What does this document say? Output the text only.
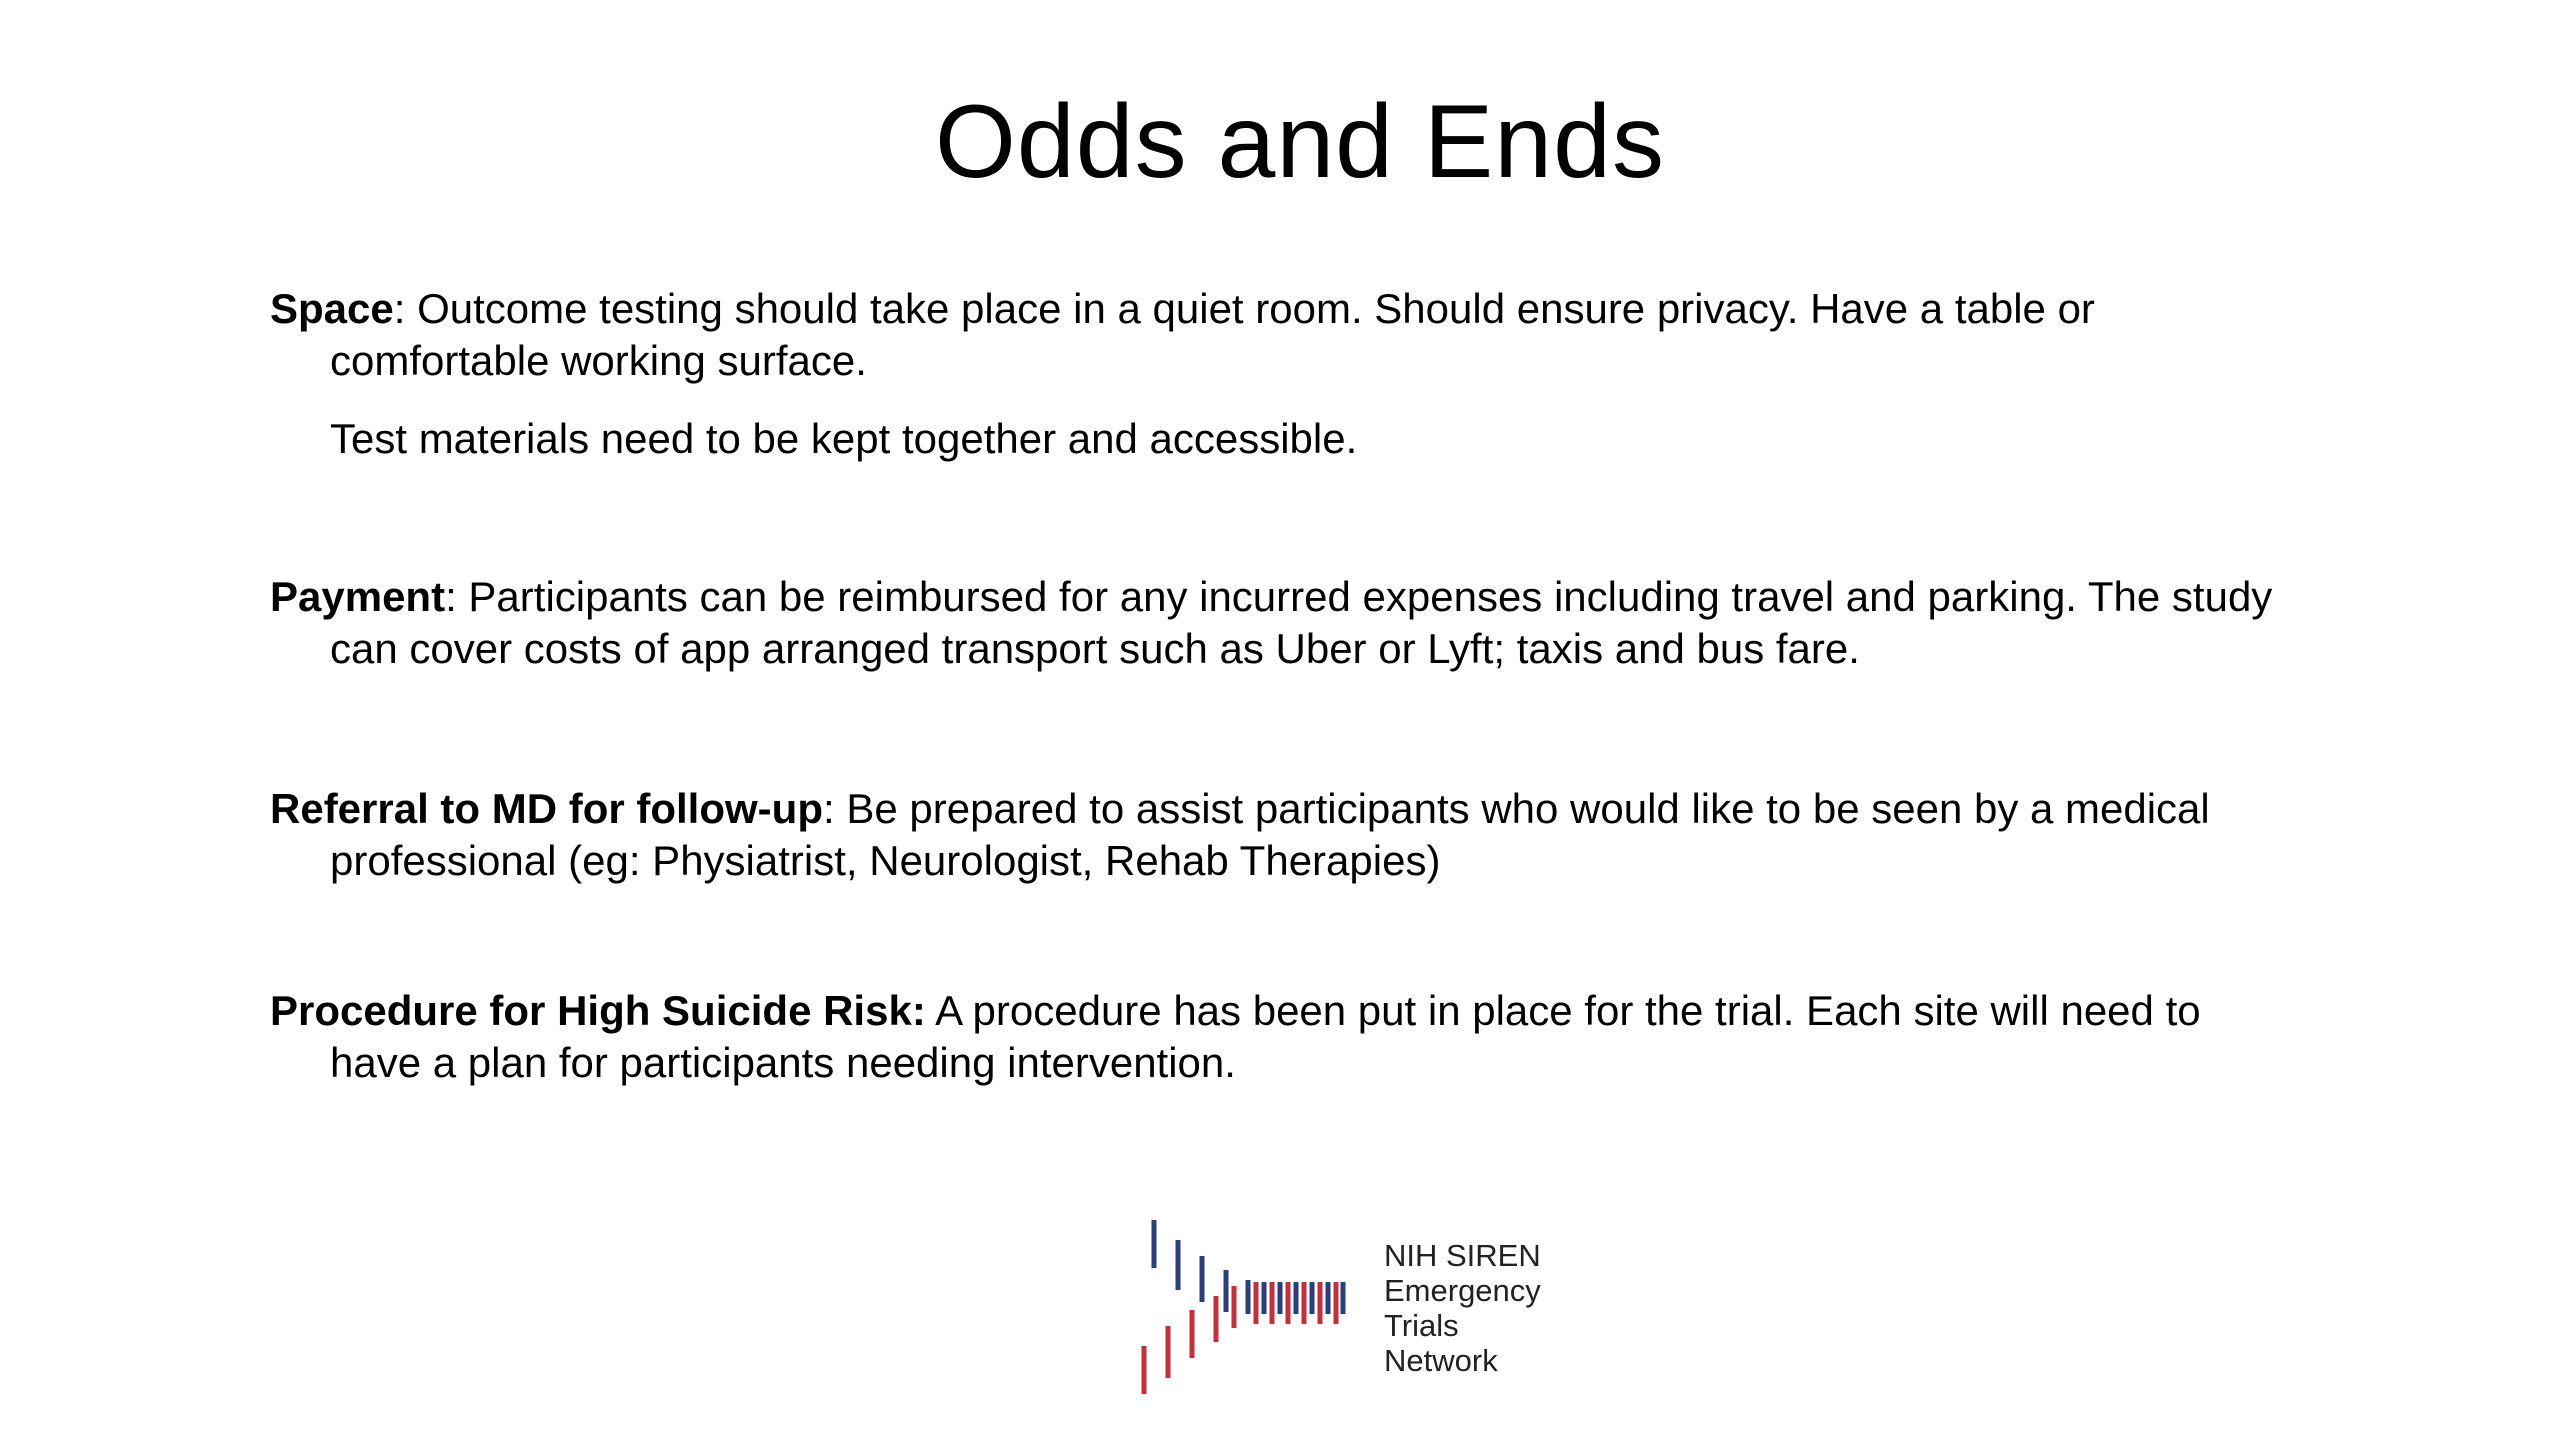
Odds and Ends

Space: Outcome testing should take place in a quiet room. Should ensure privacy. Have a table or comfortable working surface.

Test materials need to be kept together and accessible.

Payment: Participants can be reimbursed for any incurred expenses including travel and parking. The study can cover costs of app arranged transport such as Uber or Lyft; taxis and bus fare.

Referral to MD for follow-up: Be prepared to assist participants who would like to be seen by a medical professional (eg: Physiatrist, Neurologist, Rehab Therapies)

Procedure for High Suicide Risk: A procedure has been put in place for the trial. Each site will need to have a plan for participants needing intervention.

NIH SIREN
Emergency
Trials
Network
